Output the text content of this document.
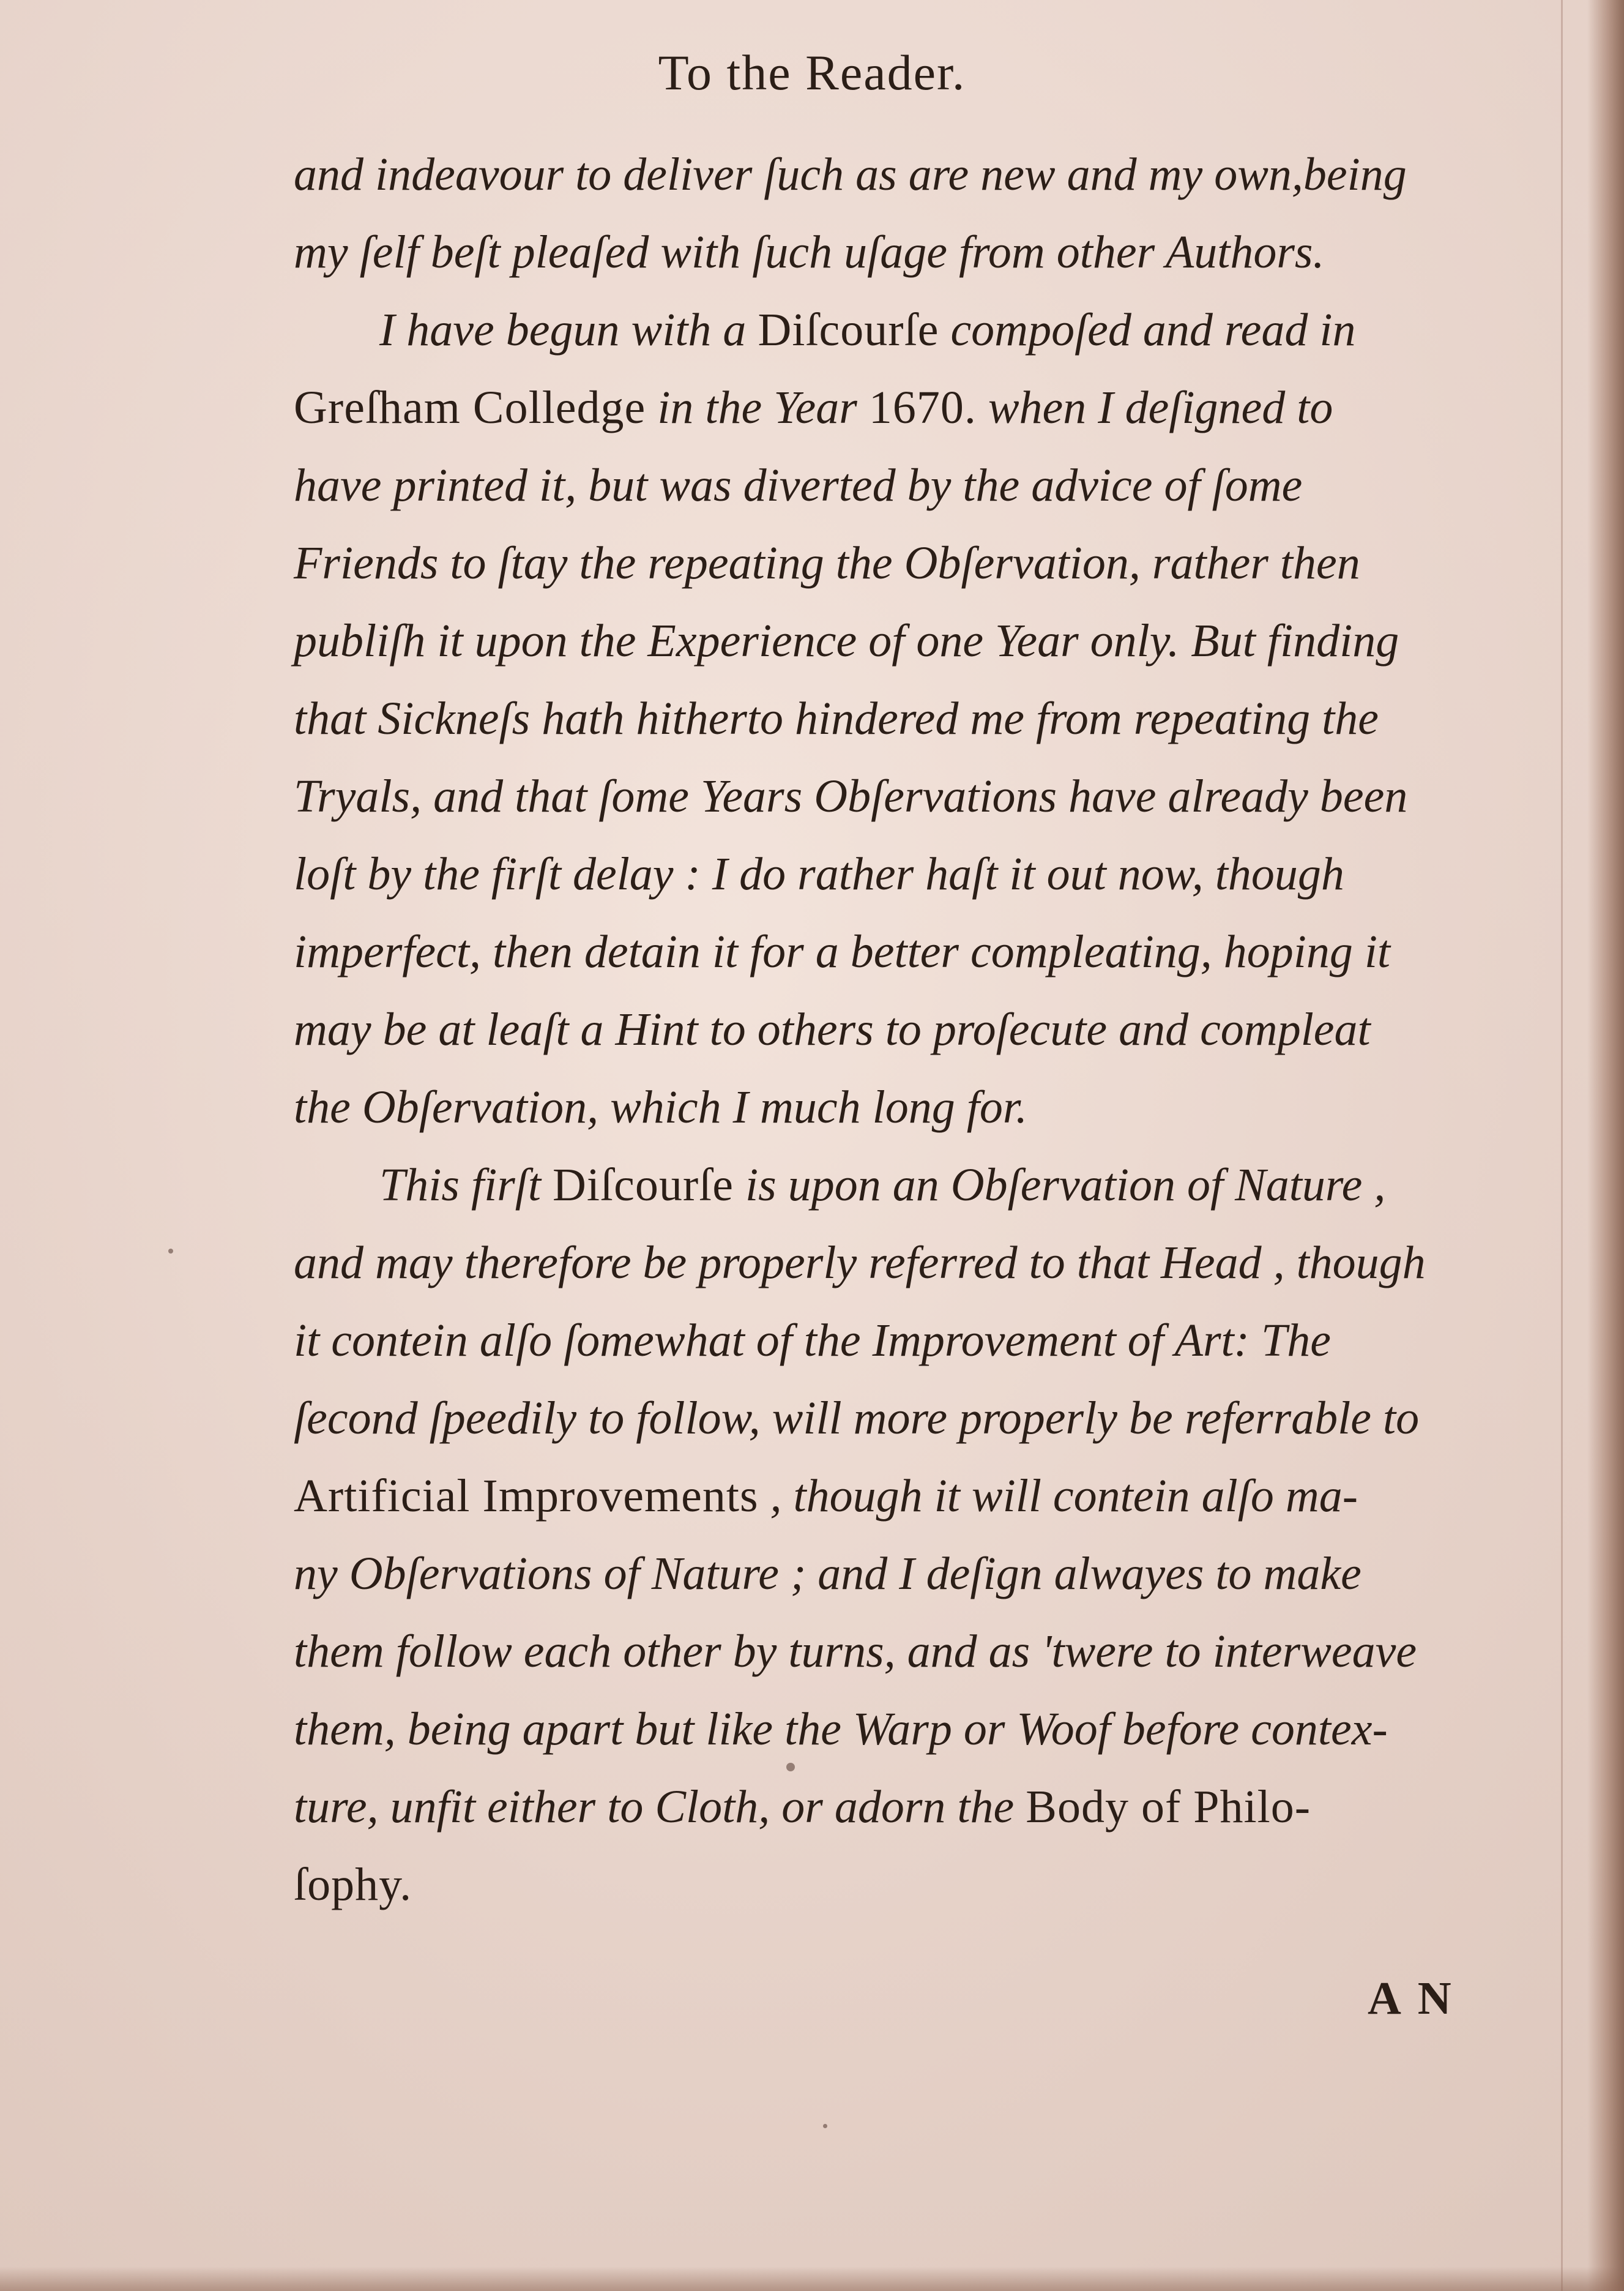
To the Reader.
and indeavour to deliver ſuch as are new and my own,being
my ſelf beſt pleaſed with ſuch uſage from other Authors.
I have begun with a Diſcourſe compoſed and read in
Greſham Colledge in the Year 1670. when I deſigned to
have printed it, but was diverted by the advice of ſome
Friends to ſtay the repeating the Obſervation, rather then
publiſh it upon the Experience of one Year only. But finding
that Sickneſs hath hitherto hindered me from repeating the
Tryals, and that ſome Years Obſervations have already been
loſt by the firſt delay : I do rather haſt it out now, though
imperfect, then detain it for a better compleating, hoping it
may be at leaſt a Hint to others to proſecute and compleat
the Obſervation, which I much long for.
This firſt Diſcourſe is upon an Obſervation of Nature ,
and may therefore be properly referred to that Head , though
it contein alſo ſomewhat of the Improvement of Art: The
ſecond ſpeedily to follow, will more properly be referrable to
Artificial Improvements , though it will contein alſo ma-
ny Obſervations of Nature ; and I deſign alwayes to make
them follow each other by turns, and as 'twere to interweave
them, being apart but like the Warp or Woof before contex-
ture, unfit either to Cloth, or adorn the Body of Philo-
ſophy.
A N
